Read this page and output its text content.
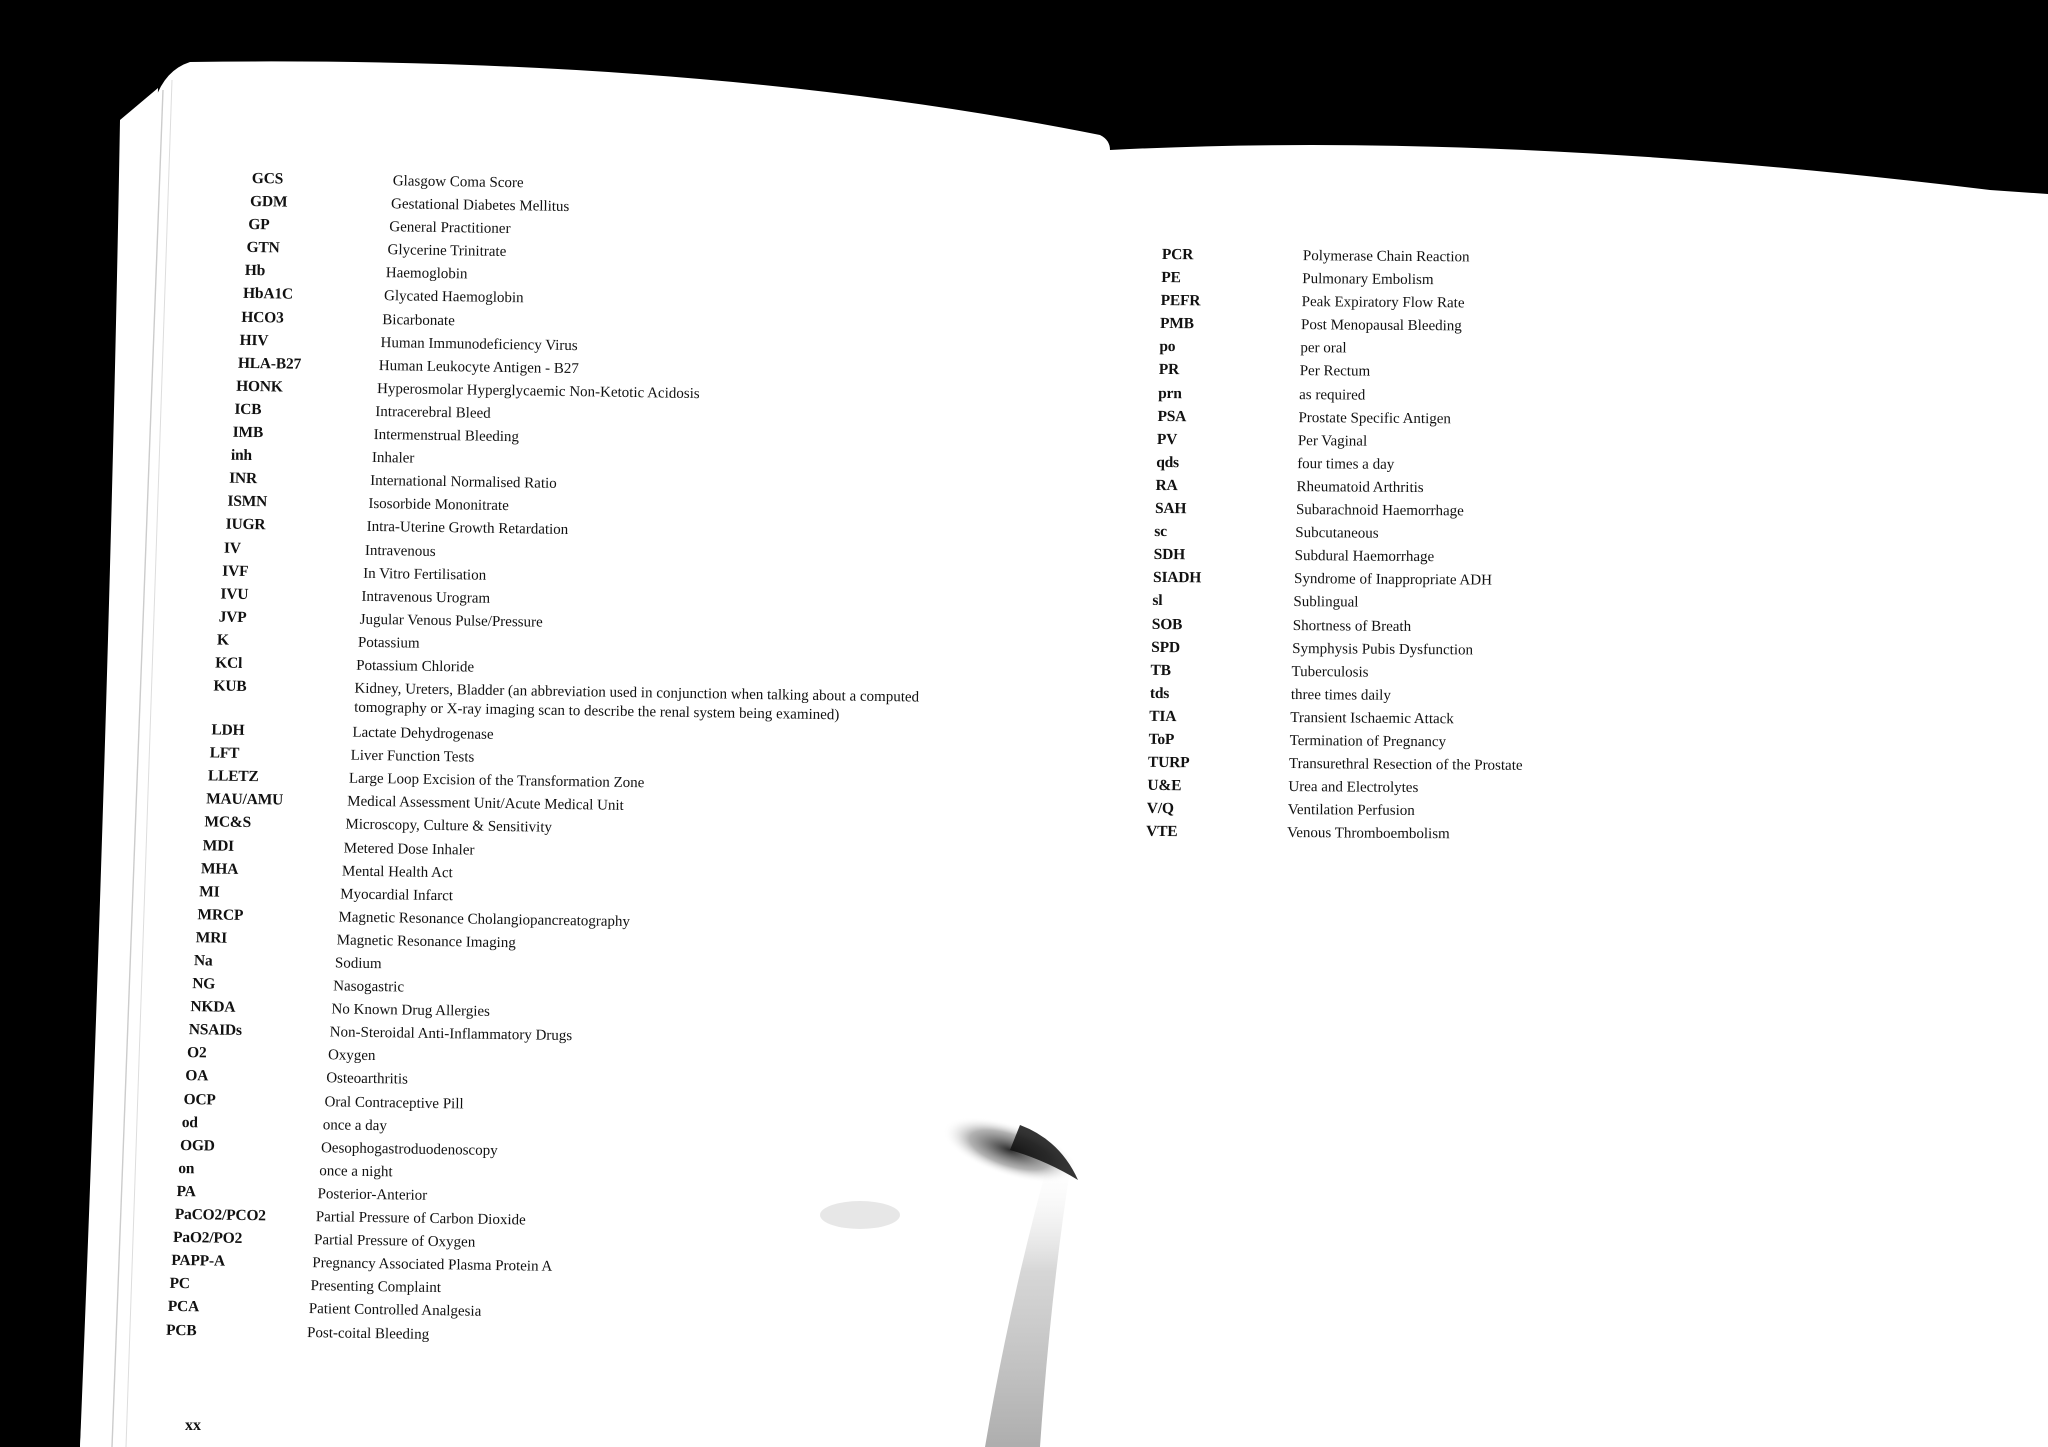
GCS	Glasgow Coma Score
GDM	Gestational Diabetes Mellitus
GP	General Practitioner
GTN	Glycerine Trinitrate
Hb	Haemoglobin
HbA1C	Glycated Haemoglobin
HCO3	Bicarbonate
HIV	Human Immunodeficiency Virus
HLA-B27	Human Leukocyte Antigen - B27
HONK	Hyperosmolar Hyperglycaemic Non-Ketotic Acidosis
ICB	Intracerebral Bleed
IMB	Intermenstrual Bleeding
inh	Inhaler
INR	International Normalised Ratio
ISMN	Isosorbide Mononitrate
IUGR	Intra-Uterine Growth Retardation
IV	Intravenous
IVF	In Vitro Fertilisation
IVU	Intravenous Urogram
JVP	Jugular Venous Pulse/Pressure
K	Potassium
KCl	Potassium Chloride
KUB	Kidney, Ureters, Bladder (an abbreviation used in conjunction when talking about a computed tomography or X-ray imaging scan to describe the renal system being examined)
LDH	Lactate Dehydrogenase
LFT	Liver Function Tests
LLETZ	Large Loop Excision of the Transformation Zone
MAU/AMU	Medical Assessment Unit/Acute Medical Unit
MC&S	Microscopy, Culture & Sensitivity
MDI	Metered Dose Inhaler
MHA	Mental Health Act
MI	Myocardial Infarct
MRCP	Magnetic Resonance Cholangiopancreatography
MRI	Magnetic Resonance Imaging
Na	Sodium
NG	Nasogastric
NKDA	No Known Drug Allergies
NSAIDs	Non-Steroidal Anti-Inflammatory Drugs
O2	Oxygen
OA	Osteoarthritis
OCP	Oral Contraceptive Pill
od	once a day
OGD	Oesophogastroduodenoscopy
on	once a night
PA	Posterior-Anterior
PaCO2/PCO2	Partial Pressure of Carbon Dioxide
PaO2/PO2	Partial Pressure of Oxygen
PAPP-A	Pregnancy Associated Plasma Protein A
PC	Presenting Complaint
PCA	Patient Controlled Analgesia
PCB	Post-coital Bleeding
PCR	Polymerase Chain Reaction
PE	Pulmonary Embolism
PEFR	Peak Expiratory Flow Rate
PMB	Post Menopausal Bleeding
po	per oral
PR	Per Rectum
prn	as required
PSA	Prostate Specific Antigen
PV	Per Vaginal
qds	four times a day
RA	Rheumatoid Arthritis
SAH	Subarachnoid Haemorrhage
sc	Subcutaneous
SDH	Subdural Haemorrhage
SIADH	Syndrome of Inappropriate ADH
sl	Sublingual
SOB	Shortness of Breath
SPD	Symphysis Pubis Dysfunction
TB	Tuberculosis
tds	three times daily
TIA	Transient Ischaemic Attack
ToP	Termination of Pregnancy
TURP	Transurethral Resection of the Prostate
U&E	Urea and Electrolytes
V/Q	Ventilation Perfusion
VTE	Venous Thromboembolism
xx
